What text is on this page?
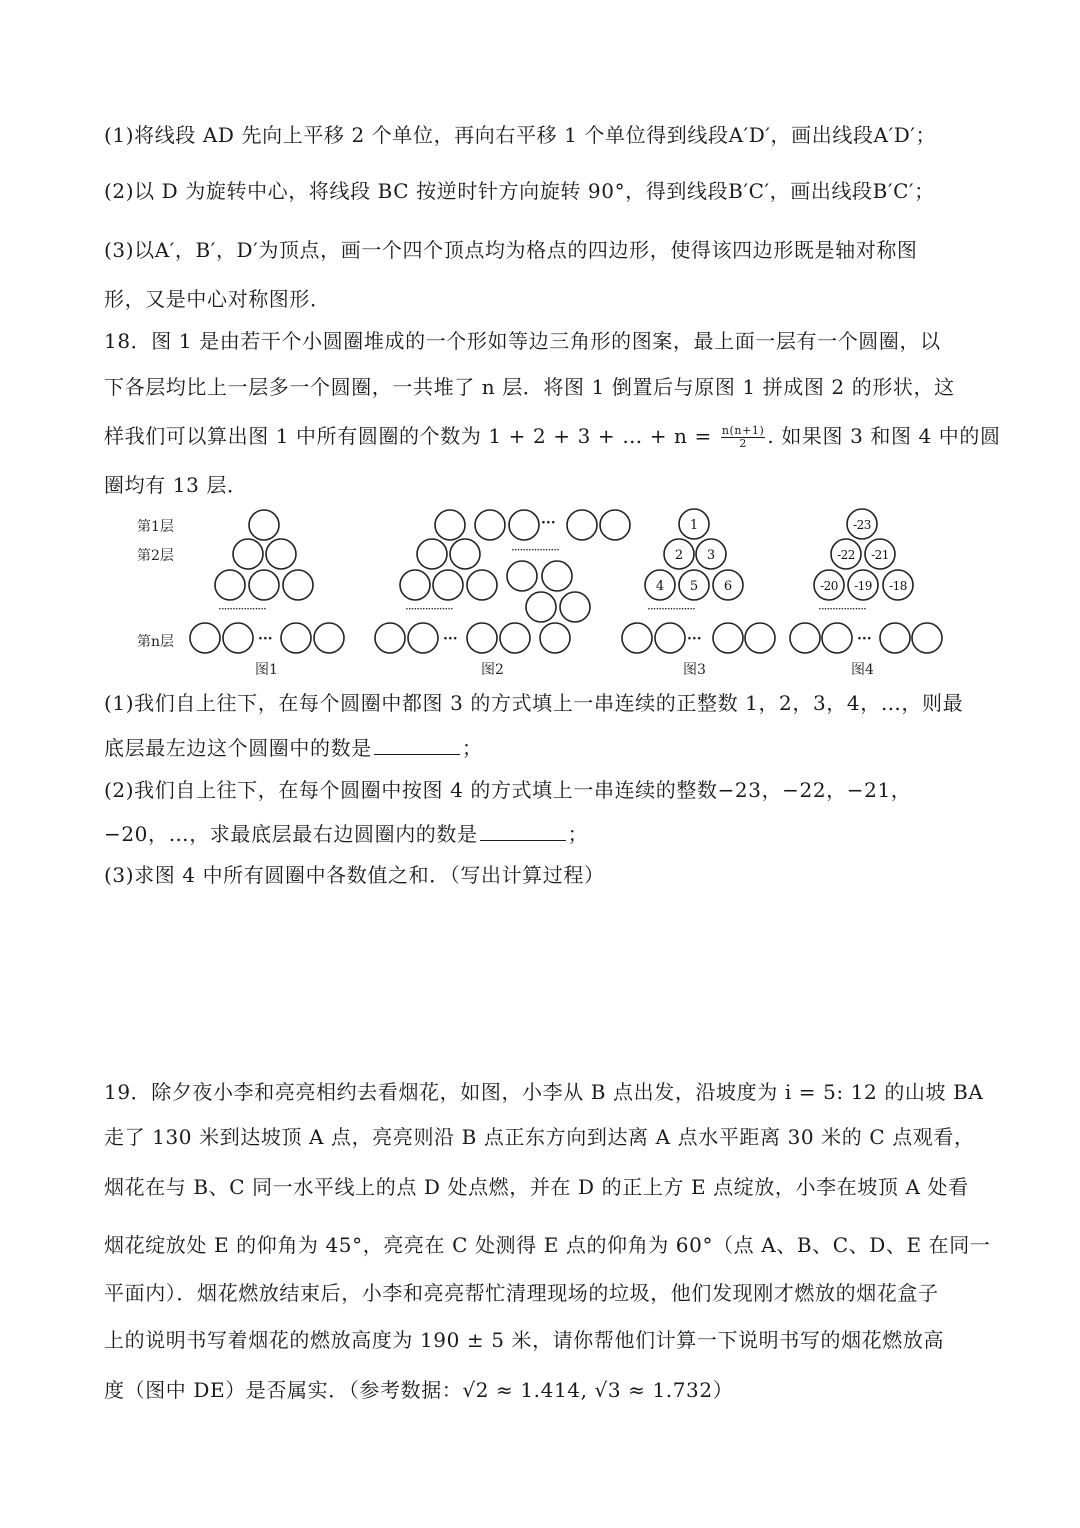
(1)将线段 AD 先向上平移 2 个单位，再向右平移 1 个单位得到线段A′D′，画出线段A′D′；
(2)以 D 为旋转中心，将线段 BC 按逆时针方向旋转 90°，得到线段B′C′，画出线段B′C′；
(3)以A′，B′，D′为顶点，画一个四个顶点均为格点的四边形，使得该四边形既是轴对称图
形，又是中心对称图形．
18．图 1 是由若干个小圆圈堆成的一个形如等边三角形的图案，最上面一层有一个圆圈，以
下各层均比上一层多一个圆圈，一共堆了 n 层．将图 1 倒置后与原图 1 拼成图 2 的形状，这
样我们可以算出图 1 中所有圆圈的个数为 1 + 2 + 3 + … + $n = \frac{n(n+1)}{2}$ . 如果图 3 和图 4 中的圆
圈均有 13 层．
第1层
第2层
第n层
图1	图2	图3	图4
···	···
···
···	···
·················	·················
·················
·················	·················
1
2 3
4 5 6
-23
-22 -21
-20 -19 -18
(1)我们自上往下，在每个圆圈中都图 3 的方式填上一串连续的正整数 1，2，3，4，…，则最
底层最左边这个圆圈中的数是	；
(2)我们自上往下，在每个圆圈中按图 4 的方式填上一串连续的整数−23，−22，−21，
−20，…，求最底层最右边圆圈内的数是	；
(3)求图 4 中所有圆圈中各数值之和．（写出计算过程）
19．除夕夜小李和亮亮相约去看烟花，如图，小李从 B 点出发，沿坡度为 i = 5: 12 的山坡 BA
走了 130 米到达坡顶 A 点，亮亮则沿 B 点正东方向到达离 A 点水平距离 30 米的 C 点观看，
烟花在与 B、C 同一水平线上的点 D 处点燃，并在 D 的正上方 E 点绽放，小李在坡顶 A 处看
烟花绽放处 E 的仰角为 45°，亮亮在 C 处测得 E 点的仰角为 60°（点 A、B、C、D、E 在同一
平面内）．烟花燃放结束后，小李和亮亮帮忙清理现场的垃圾，他们发现刚才燃放的烟花盒子
上的说明书写着烟花的燃放高度为 190 ± 5 米，请你帮他们计算一下说明书写的烟花燃放高
度（图中 DE）是否属实．（参考数据：√2 ≈ 1.414, √3 ≈ 1.732）
